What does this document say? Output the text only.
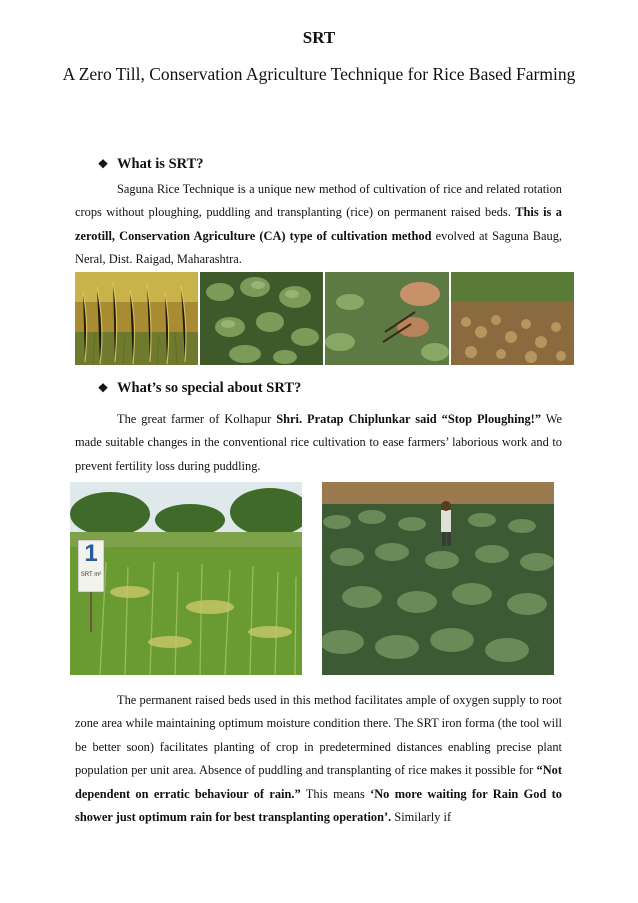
SRT
A Zero Till, Conservation Agriculture Technique for Rice Based Farming
❖ What is SRT?

Saguna Rice Technique is a unique new method of cultivation of rice and related rotation crops without ploughing, puddling and transplanting (rice) on permanent raised beds. This is a zerotill, Conservation Agriculture (CA) type of cultivation method evolved at Saguna Baug, Neral, Dist. Raigad, Maharashtra.

❖ What’s so special about SRT?

The great farmer of Kolhapur Shri. Pratap Chiplunkar said “Stop Ploughing!” We made suitable changes in the conventional rice cultivation to ease farmers’ laborious work and to prevent fertility loss during puddling.

1
SRT m²

The permanent raised beds used in this method facilitates ample of oxygen supply to root zone area while maintaining optimum moisture condition there. The SRT iron forma (the tool will be better soon) facilitates planting of crop in predetermined distances enabling precise plant population per unit area. Absence of puddling and transplanting of rice makes it possible for “Not dependent on erratic behaviour of rain.” This means ‘No more waiting for Rain God to shower just optimum rain for best transplanting operation’. Similarly if
